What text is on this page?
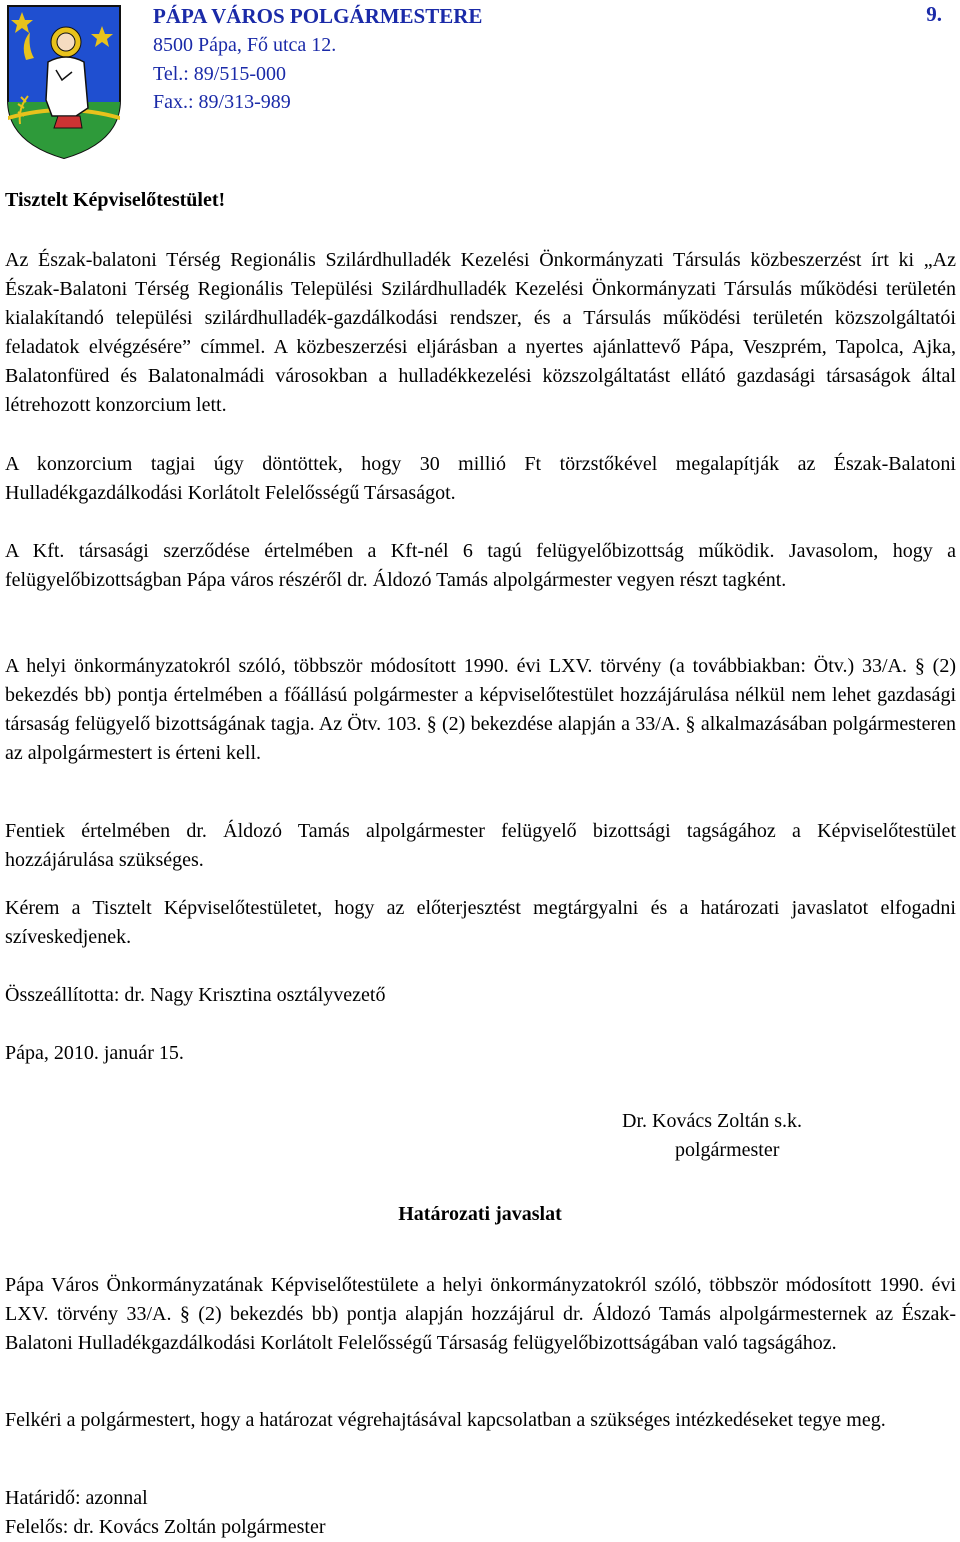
PÁPA VÁROS POLGÁRMESTERE	9.
8500 Pápa, Fő utca 12.
Tel.: 89/515-000
Fax.: 89/313-989
Tisztelt Képviselőtestület!

Az Észak-balatoni Térség Regionális Szilárdhulladék Kezelési Önkormányzati Társulás közbeszerzést írt ki „Az Észak-Balatoni Térség Regionális Települési Szilárdhulladék Kezelési Önkormányzati Társulás működési területén kialakítandó települési szilárdhulladék-gazdálkodási rendszer, és a Társulás működési területén közszolgáltatói feladatok elvégzésére” címmel. A közbeszerzési eljárásban a nyertes ajánlattevő Pápa, Veszprém, Tapolca, Ajka, Balatonfüred és Balatonalmádi városokban a hulladékkezelési közszolgáltatást ellátó gazdasági társaságok által létrehozott konzorcium lett.

A konzorcium tagjai úgy döntöttek, hogy 30 millió Ft törzstőkével megalapítják az Észak-Balatoni Hulladékgazdálkodási Korlátolt Felelősségű Társaságot.

A Kft. társasági szerződése értelmében a Kft-nél 6 tagú felügyelőbizottság működik. Javasolom, hogy a felügyelőbizottságban Pápa város részéről dr. Áldozó Tamás alpolgármester vegyen részt tagként.

A helyi önkormányzatokról szóló, többször módosított 1990. évi LXV. törvény (a továbbiakban: Ötv.) 33/A. § (2) bekezdés bb) pontja értelmében a főállású polgármester a képviselőtestület hozzájárulása nélkül nem lehet gazdasági társaság felügyelő bizottságának tagja. Az Ötv. 103. § (2) bekezdése alapján a 33/A. § alkalmazásában polgármesteren az alpolgármestert is érteni kell.

Fentiek értelmében dr. Áldozó Tamás alpolgármester felügyelő bizottsági tagságához a Képviselőtestület hozzájárulása szükséges.

Kérem a Tisztelt Képviselőtestületet, hogy az előterjesztést megtárgyalni és a határozati javaslatot elfogadni szíveskedjenek.

Összeállította: dr. Nagy Krisztina osztályvezető
Pápa, 2010. január 15.
Dr. Kovács Zoltán s.k.
polgármester
Határozati javaslat

Pápa Város Önkormányzatának Képviselőtestülete a helyi önkormányzatokról szóló, többször módosított 1990. évi LXV. törvény 33/A. § (2) bekezdés bb) pontja alapján hozzájárul dr. Áldozó Tamás alpolgármesternek az Észak-Balatoni Hulladékgazdálkodási Korlátolt Felelősségű Társaság felügyelőbizottságában való tagságához.

Felkéri a polgármestert, hogy a határozat végrehajtásával kapcsolatban a szükséges intézkedéseket tegye meg.

Határidő: azonnal
Felelős: dr. Kovács Zoltán polgármester
